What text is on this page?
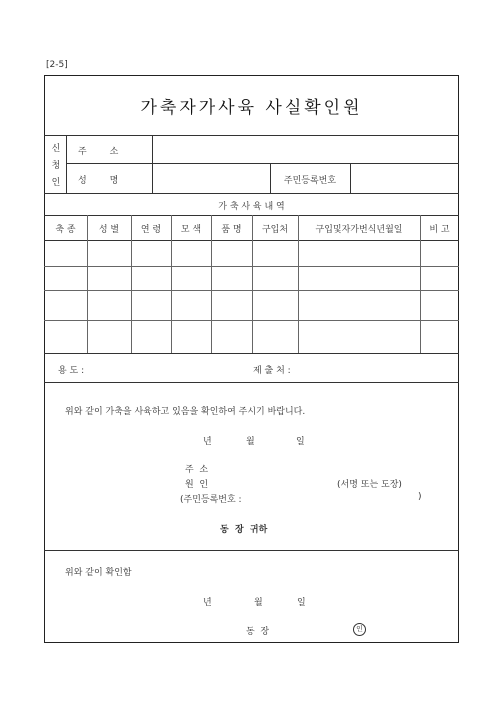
[2-5]
가축자가사육 사실확인원
신
청
인
주        소
성        명	주민등록번호
가 축 사 육 내 역
축 종	성 별	연 령	모 색	품 명	구입처	구입및자가번식년월일	비 고
용 도 :	제 출 처 :
위와 같이 가축을 사육하고 있음을 확인하여 주시기 바랍니다.
년	월	일
주  소
원  인	(서명 또는 도장)
(주민등록번호 :	)
동  장  귀하
위와 같이 확인함
년	월	일
동  장	인
